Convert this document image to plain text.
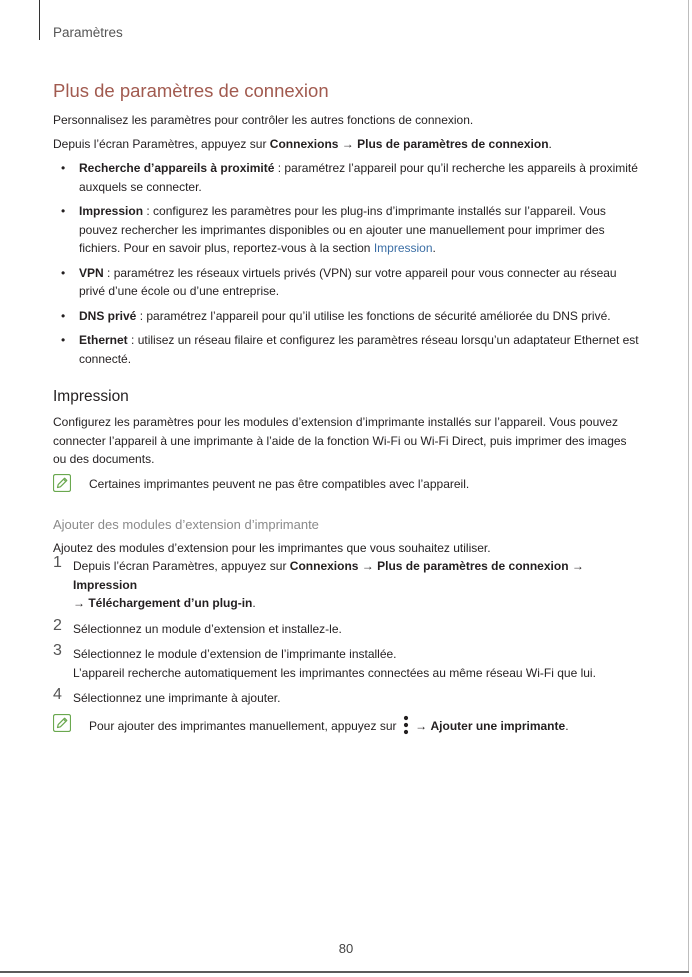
Paramètres
Plus de paramètres de connexion

Personnalisez les paramètres pour contrôler les autres fonctions de connexion.

Depuis l’écran Paramètres, appuyez sur Connexions → Plus de paramètres de connexion.

• Recherche d’appareils à proximité : paramétrez l’appareil pour qu’il recherche les appareils à proximité auxquels se connecter.
• Impression : configurez les paramètres pour les plug-ins d’imprimante installés sur l’appareil. Vous pouvez rechercher les imprimantes disponibles ou en ajouter une manuellement pour imprimer des fichiers. Pour en savoir plus, reportez-vous à la section Impression.
• VPN : paramétrez les réseaux virtuels privés (VPN) sur votre appareil pour vous connecter au réseau privé d’une école ou d’une entreprise.
• DNS privé : paramétrez l’appareil pour qu’il utilise les fonctions de sécurité améliorée du DNS privé.
• Ethernet : utilisez un réseau filaire et configurez les paramètres réseau lorsqu’un adaptateur Ethernet est connecté.
Impression

Configurez les paramètres pour les modules d’extension d’imprimante installés sur l’appareil. Vous pouvez connecter l’appareil à une imprimante à l’aide de la fonction Wi-Fi ou Wi-Fi Direct, puis imprimer des images ou des documents.

Certaines imprimantes peuvent ne pas être compatibles avec l’appareil.
Ajouter des modules d’extension d’imprimante

Ajoutez des modules d’extension pour les imprimantes que vous souhaitez utiliser.

1 Depuis l’écran Paramètres, appuyez sur Connexions → Plus de paramètres de connexion → Impression
→ Téléchargement d’un plug-in.
2 Sélectionnez un module d’extension et installez-le.
3 Sélectionnez le module d’extension de l’imprimante installée.
L’appareil recherche automatiquement les imprimantes connectées au même réseau Wi-Fi que lui.
4 Sélectionnez une imprimante à ajouter.
Pour ajouter des imprimantes manuellement, appuyez sur  → Ajouter une imprimante.
80
